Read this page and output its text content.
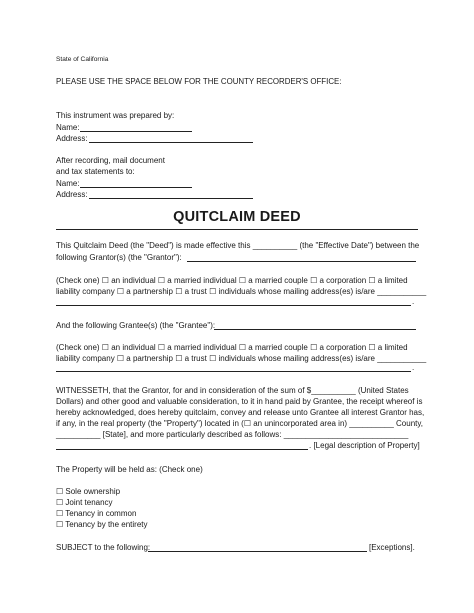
State of California
PLEASE USE THE SPACE BELOW FOR THE COUNTY RECORDER'S OFFICE:
This instrument was prepared by:
Name:
Address:
After recording, mail document
and tax statements to:
Name:
Address:
QUITCLAIM DEED
This Quitclaim Deed (the "Deed") is made effective this __________ (the "Effective Date") between the
following Grantor(s) (the "Grantor"):
(Check one) ☐ an individual ☐ a married individual ☐ a married couple ☐ a corporation ☐ a limited
liability company ☐ a partnership ☐ a trust ☐ individuals whose mailing address(es) is/are ___________
.
And the following Grantee(s) (the "Grantee"):
(Check one) ☐ an individual ☐ a married individual ☐ a married couple ☐ a corporation ☐ a limited
liability company ☐ a partnership ☐ a trust ☐ individuals whose mailing address(es) is/are ___________
.
WITNESSETH, that the Grantor, for and in consideration of the sum of $__________ (United States
Dollars) and other good and valuable consideration, to it in hand paid by Grantee, the receipt whereof is
hereby acknowledged, does hereby quitclaim, convey and release unto Grantee all interest Grantor has,
if any, in the real property (the "Property") located in (☐ an unincorporated area in) __________ County,
__________ [State], and more particularly described as follows: ____________________________
. [Legal description of Property]
The Property will be held as: (Check one)
☐ Sole ownership
☐ Joint tenancy
☐ Tenancy in common
☐ Tenancy by the entirety
SUBJECT to the following:	[Exceptions].
